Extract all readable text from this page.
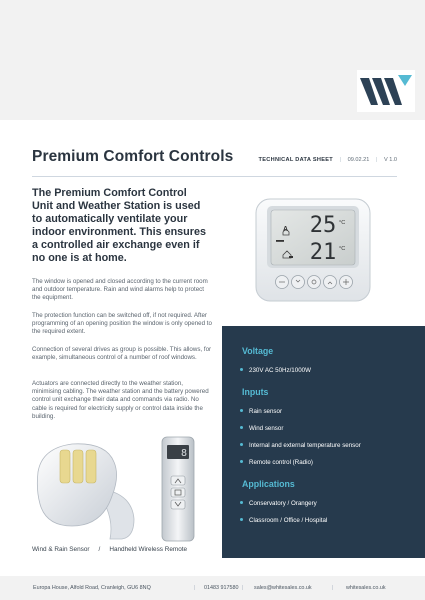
Premium Comfort Controls	TECHNICAL DATA SHEET | 09.02.21 | V 1.0

The Premium Comfort Control Unit and Weather Station is used to automatically ventilate your indoor environment. This ensures a controlled air exchange even if no one is at home.

The window is opened and closed according to the current room and outdoor temperature. Rain and wind alarms help to protect the equipment.

The protection function can be switched off, if not required. After programming of an opening position the window is only opened to the required extent.

Connection of several drives as group is possible. This allows, for example, simultaneous control of a number of roof windows.

Actuators are connected directly to the weather station, minimising cabling. The weather station and the battery powered control unit exchange their data and commands via radio. No cable is required for electricity supply or control data inside the building.

A 25 °C
21 °C
8
Wind & Rain Sensor / Handheld Wireless Remote
Voltage
230V AC 50Hz/1000W
Inputs
Rain sensor
Wind sensor
Internal and external temperature sensor
Remote control (Radio)
Applications
Conservatory / Orangery
Classroom / Office / Hospital
Europa House, Alfold Road, Cranleigh, GU6 8NQ	| 01483 917580 | sales@whitesales.co.uk	| whitesales.co.uk
